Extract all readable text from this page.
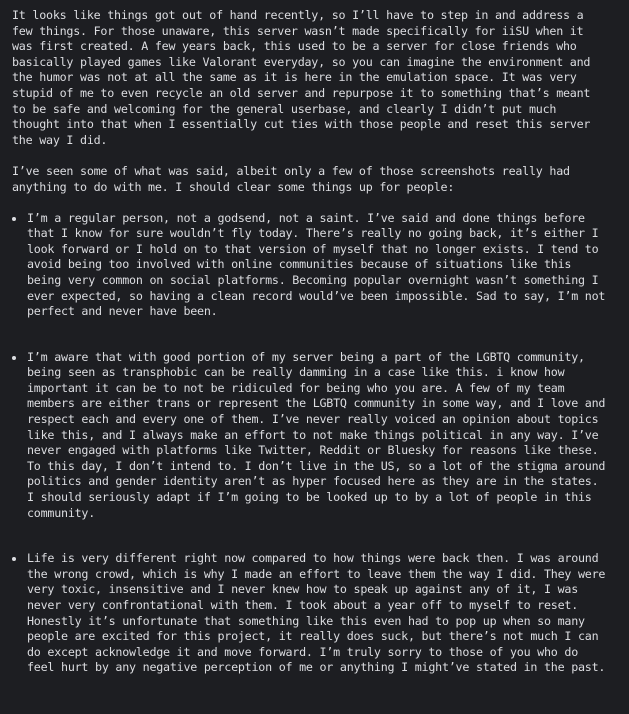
It looks like things got out of hand recently, so I’ll have to step in and address a
few things. For those unaware, this server wasn’t made specifically for iiSU when it
was first created. A few years back, this used to be a server for close friends who
basically played games like Valorant everyday, so you can imagine the environment and
the humor was not at all the same as it is here in the emulation space. It was very
stupid of me to even recycle an old server and repurpose it to something that’s meant
to be safe and welcoming for the general userbase, and clearly I didn’t put much
thought into that when I essentially cut ties with those people and reset this server
the way I did.

I’ve seen some of what was said, albeit only a few of those screenshots really had
anything to do with me. I should clear some things up for people:

I’m a regular person, not a godsend, not a saint. I’ve said and done things before
that I know for sure wouldn’t fly today. There’s really no going back, it’s either I
look forward or I hold on to that version of myself that no longer exists. I tend to
avoid being too involved with online communities because of situations like this
being very common on social platforms. Becoming popular overnight wasn’t something I
ever expected, so having a clean record would’ve been impossible. Sad to say, I’m not
perfect and never have been.
I’m aware that with good portion of my server being a part of the LGBTQ community,
being seen as transphobic can be really damming in a case like this. i know how
important it can be to not be ridiculed for being who you are. A few of my team
members are either trans or represent the LGBTQ community in some way, and I love and
respect each and every one of them. I’ve never really voiced an opinion about topics
like this, and I always make an effort to not make things political in any way. I’ve
never engaged with platforms like Twitter, Reddit or Bluesky for reasons like these.
To this day, I don’t intend to. I don’t live in the US, so a lot of the stigma around
politics and gender identity aren’t as hyper focused here as they are in the states.
I should seriously adapt if I’m going to be looked up to by a lot of people in this
community.
Life is very different right now compared to how things were back then. I was around
the wrong crowd, which is why I made an effort to leave them the way I did. They were
very toxic, insensitive and I never knew how to speak up against any of it, I was
never very confrontational with them. I took about a year off to myself to reset.
Honestly it’s unfortunate that something like this even had to pop up when so many
people are excited for this project, it really does suck, but there’s not much I can
do except acknowledge it and move forward. I’m truly sorry to those of you who do
feel hurt by any negative perception of me or anything I might’ve stated in the past.
